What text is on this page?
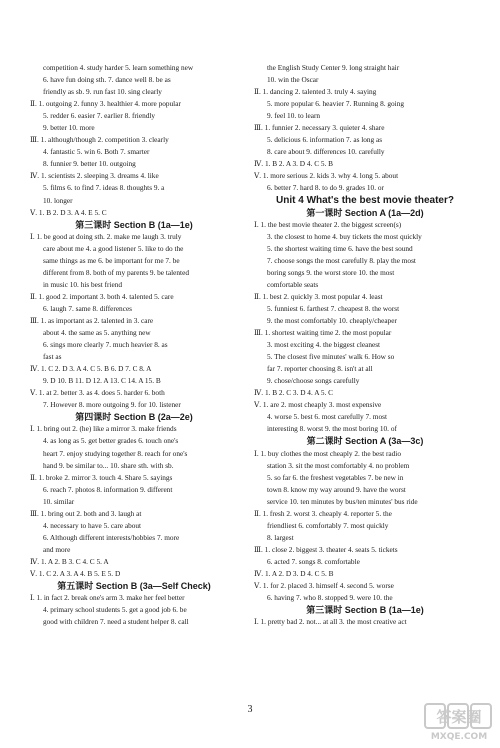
competition 4. study harder 5. learn something new
6. have fun doing sth. 7. dance well 8. be as
friendly as sb. 9. run fast 10. sing clearly
Ⅱ. 1. outgoing 2. funny 3. healthier 4. more popular
5. redder 6. easier 7. earlier 8. friendly
9. better 10. more
Ⅲ. 1. although/though 2. competition 3. clearly
4. fantastic 5. win 6. Both 7. smarter
8. funnier 9. better 10. outgoing
Ⅳ. 1. scientists 2. sleeping 3. dreams 4. like
5. films 6. to find 7. ideas 8. thoughts 9. a
10. longer
Ⅴ. 1. B 2. D 3. A 4. E 5. C
第三课时 Section B (1a—1e)
Ⅰ. 1. be good at doing sth. 2. make me laugh 3. truly
care about me 4. a good listener 5. like to do the
same things as me 6. be important for me 7. be
different from 8. both of my parents 9. be talented
in music 10. his best friend
Ⅱ. 1. good 2. important 3. both 4. talented 5. care
6. laugh 7. same 8. differences
Ⅲ. 1. as important as 2. talented in 3. care
about 4. the same as 5. anything new
6. sings more clearly 7. much heavier 8. as
fast as
Ⅳ. 1. C 2. D 3. A 4. C 5. B 6. D 7. C 8. A
9. D 10. B 11. D 12. A 13. C 14. A 15. B
Ⅴ. 1. at 2. better 3. as 4. does 5. harder 6. both
7. However 8. more outgoing 9. for 10. listener
第四课时 Section B (2a—2e)
Ⅰ. 1. bring out 2. (he) like a mirror 3. make friends
4. as long as 5. get better grades 6. touch one's
heart 7. enjoy studying together 8. reach for one's
hand 9. be similar to... 10. share sth. with sb.
Ⅱ. 1. broke 2. mirror 3. touch 4. Share 5. sayings
6. reach 7. photos 8. information 9. different
10. similar
Ⅲ. 1. bring out 2. both and 3. laugh at
4. necessary to have 5. care about
6. Although different interests/hobbies 7. more
and more
Ⅳ. 1. A 2. B 3. C 4. C 5. A
Ⅴ. 1. C 2. A 3. A 4. B 5. E 5. D
第五课时 Section B (3a—Self Check)
Ⅰ. 1. in fact 2. break one's arm 3. make her feel better
4. primary school students 5. get a good job 6. be
good with children 7. need a student helper 8. call
the English Study Center 9. long straight hair
10. win the Oscar
Ⅱ. 1. dancing 2. talented 3. truly 4. saying
5. more popular 6. heavier 7. Running 8. going
9. feel 10. to learn
Ⅲ. 1. funnier 2. necessary 3. quieter 4. share
5. delicious 6. information 7. as long as
8. care about 9. differences 10. carefully
Ⅳ. 1. B 2. A 3. D 4. C 5. B
Ⅴ. 1. more serious 2. kids 3. why 4. long 5. about
6. better 7. hard 8. to do 9. grades 10. or
Unit 4 What's the best movie theater?
第一课时 Section A (1a—2d)
Ⅰ. 1. the best movie theater 2. the biggest screen(s)
3. the closest to home 4. buy tickets the most quickly
5. the shortest waiting time 6. have the best sound
7. choose songs the most carefully 8. play the most
boring songs 9. the worst store 10. the most
comfortable seats
Ⅱ. 1. best 2. quickly 3. most popular 4. least
5. funniest 6. farthest 7. cheapest 8. the worst
9. the most comfortably 10. cheaply/cheaper
Ⅲ. 1. shortest waiting time 2. the most popular
3. most exciting 4. the biggest cleanest
5. The closest five minutes' walk 6. How so
far 7. reporter choosing 8. isn't at all
9. chose/choose songs carefully
Ⅳ. 1. B 2. C 3. D 4. A 5. C
Ⅴ. 1. are 2. most cheaply 3. most expensive
4. worse 5. best 6. most carefully 7. most
interesting 8. worst 9. the most boring 10. of
第二课时 Section A (3a—3c)
Ⅰ. 1. buy clothes the most cheaply 2. the best radio
station 3. sit the most comfortably 4. no problem
5. so far 6. the freshest vegetables 7. be new in
town 8. know my way around 9. have the worst
service 10. ten minutes by bus/ten minutes' bus ride
Ⅱ. 1. fresh 2. worst 3. cheaply 4. reporter 5. the
friendliest 6. comfortably 7. most quickly
8. largest
Ⅲ. 1. close 2. biggest 3. theater 4. seats 5. tickets
6. acted 7. songs 8. comfortable
Ⅳ. 1. A 2. D 3. D 4. C 5. B
Ⅴ. 1. for 2. placed 3. himself 4. second 5. worse
6. having 7. who 8. stopped 9. were 10. the
第三课时 Section B (1a—1e)
Ⅰ. 1. pretty bad 2. not... at all 3. the most creative act
3	答案圈
MXQE.COM
